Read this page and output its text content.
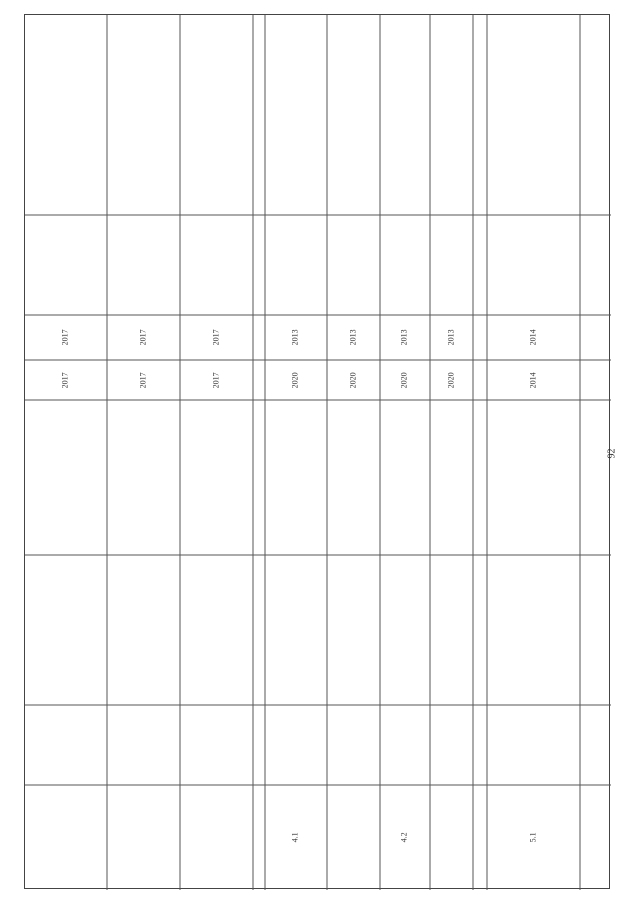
2017
2017
2017
2017
2017
2017
4.1
2013
2020
2013
2020
4.2
2013
2020
2013
2020
5.1
2014
2014
92
